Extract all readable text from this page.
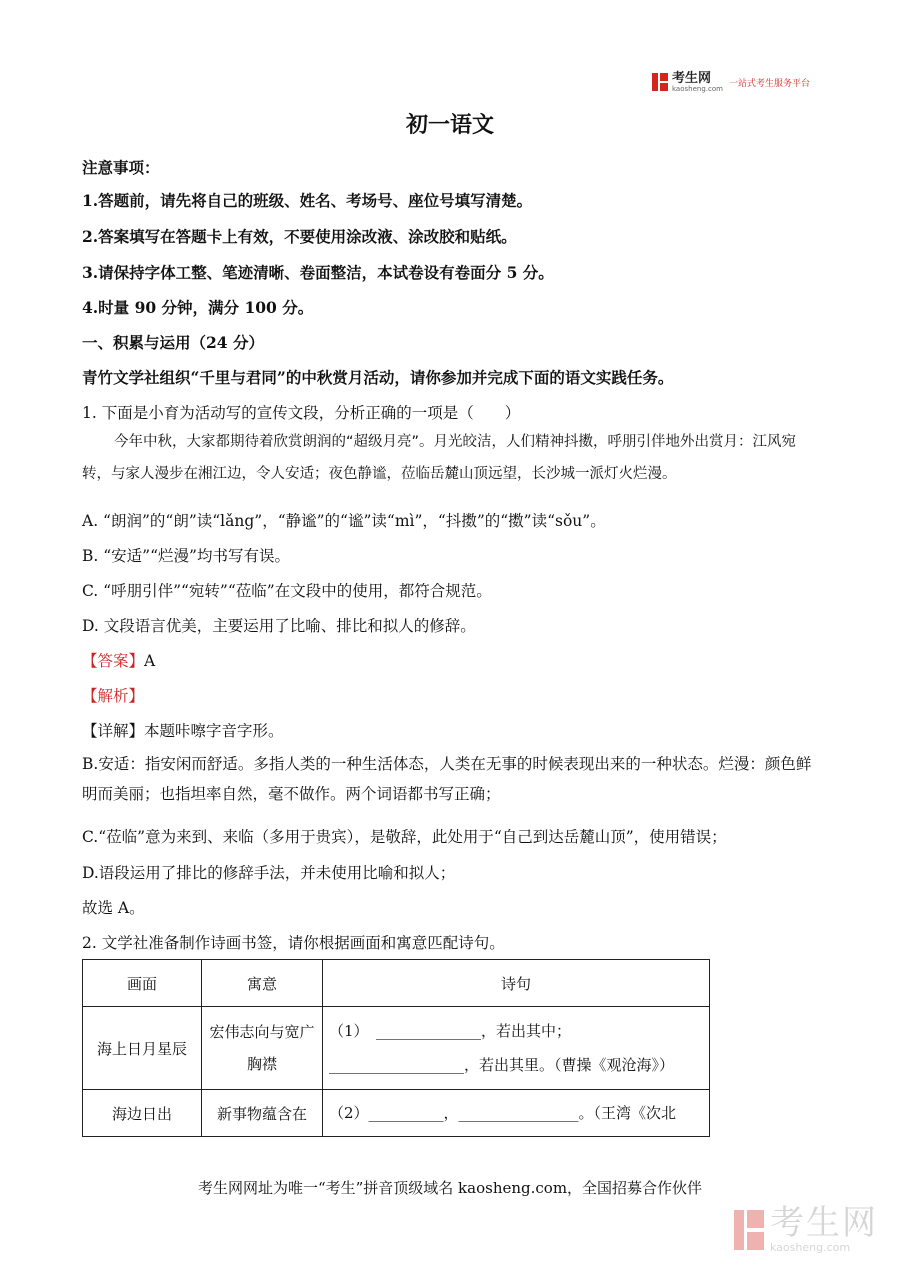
考生网
kaosheng.com 一站式考生服务平台
初一语文
注意事项：
1.答题前，请先将自己的班级、姓名、考场号、座位号填写清楚。
2.答案填写在答题卡上有效，不要使用涂改液、涂改胶和贴纸。
3.请保持字体工整、笔迹清晰、卷面整洁，本试卷设有卷面分 5 分。
4.时量 90 分钟，满分 100 分。
一、积累与运用（24 分）
青竹文学社组织“千里与君同”的中秋赏月活动，请你参加并完成下面的语文实践任务。
1. 下面是小育为活动写的宣传文段，分析正确的一项是（　　）
今年中秋，大家都期待着欣赏朗润的“超级月亮”。月光皎洁，人们精神抖擞，呼朋引伴地外出赏月：江风宛转，与家人漫步在湘江边，令人安适；夜色静谧，莅临岳麓山顶远望，长沙城一派灯火烂漫。
A. “朗润”的“朗”读“lǎng”，“静谧”的“谧”读“mì”，“抖擞”的“擞”读“sǒu”。
B. “安适”“烂漫”均书写有误。
C. “呼朋引伴”“宛转”“莅临”在文段中的使用，都符合规范。
D. 文段语言优美，主要运用了比喻、排比和拟人的修辞。
【答案】A
【解析】
【详解】本题咔嚓字音字形。
B.安适：指安闲而舒适。多指人类的一种生活体态，人类在无事的时候表现出来的一种状态。烂漫：颜色鲜明而美丽；也指坦率自然，毫不做作。两个词语都书写正确；
C.“莅临”意为来到、来临（多用于贵宾），是敬辞，此处用于“自己到达岳麓山顶”，使用错误；
D.语段运用了排比的修辞手法，并未使用比喻和拟人；
故选 A。
2. 文学社准备制作诗画书签，请你根据画面和寓意匹配诗句。
画面	寓意	诗句
海上日月星辰	宏伟志向与宽广胸襟	（1）　______________，若出其中；
__________________，若出其里。（曹操《观沧海》）

海边日出	新事物蕴含在	（2）__________，________________。（王湾《次北
考生网网址为唯一“考生”拼音顶级域名 kaosheng.com，全国招募合作伙伴
考生网
kaosheng.com
